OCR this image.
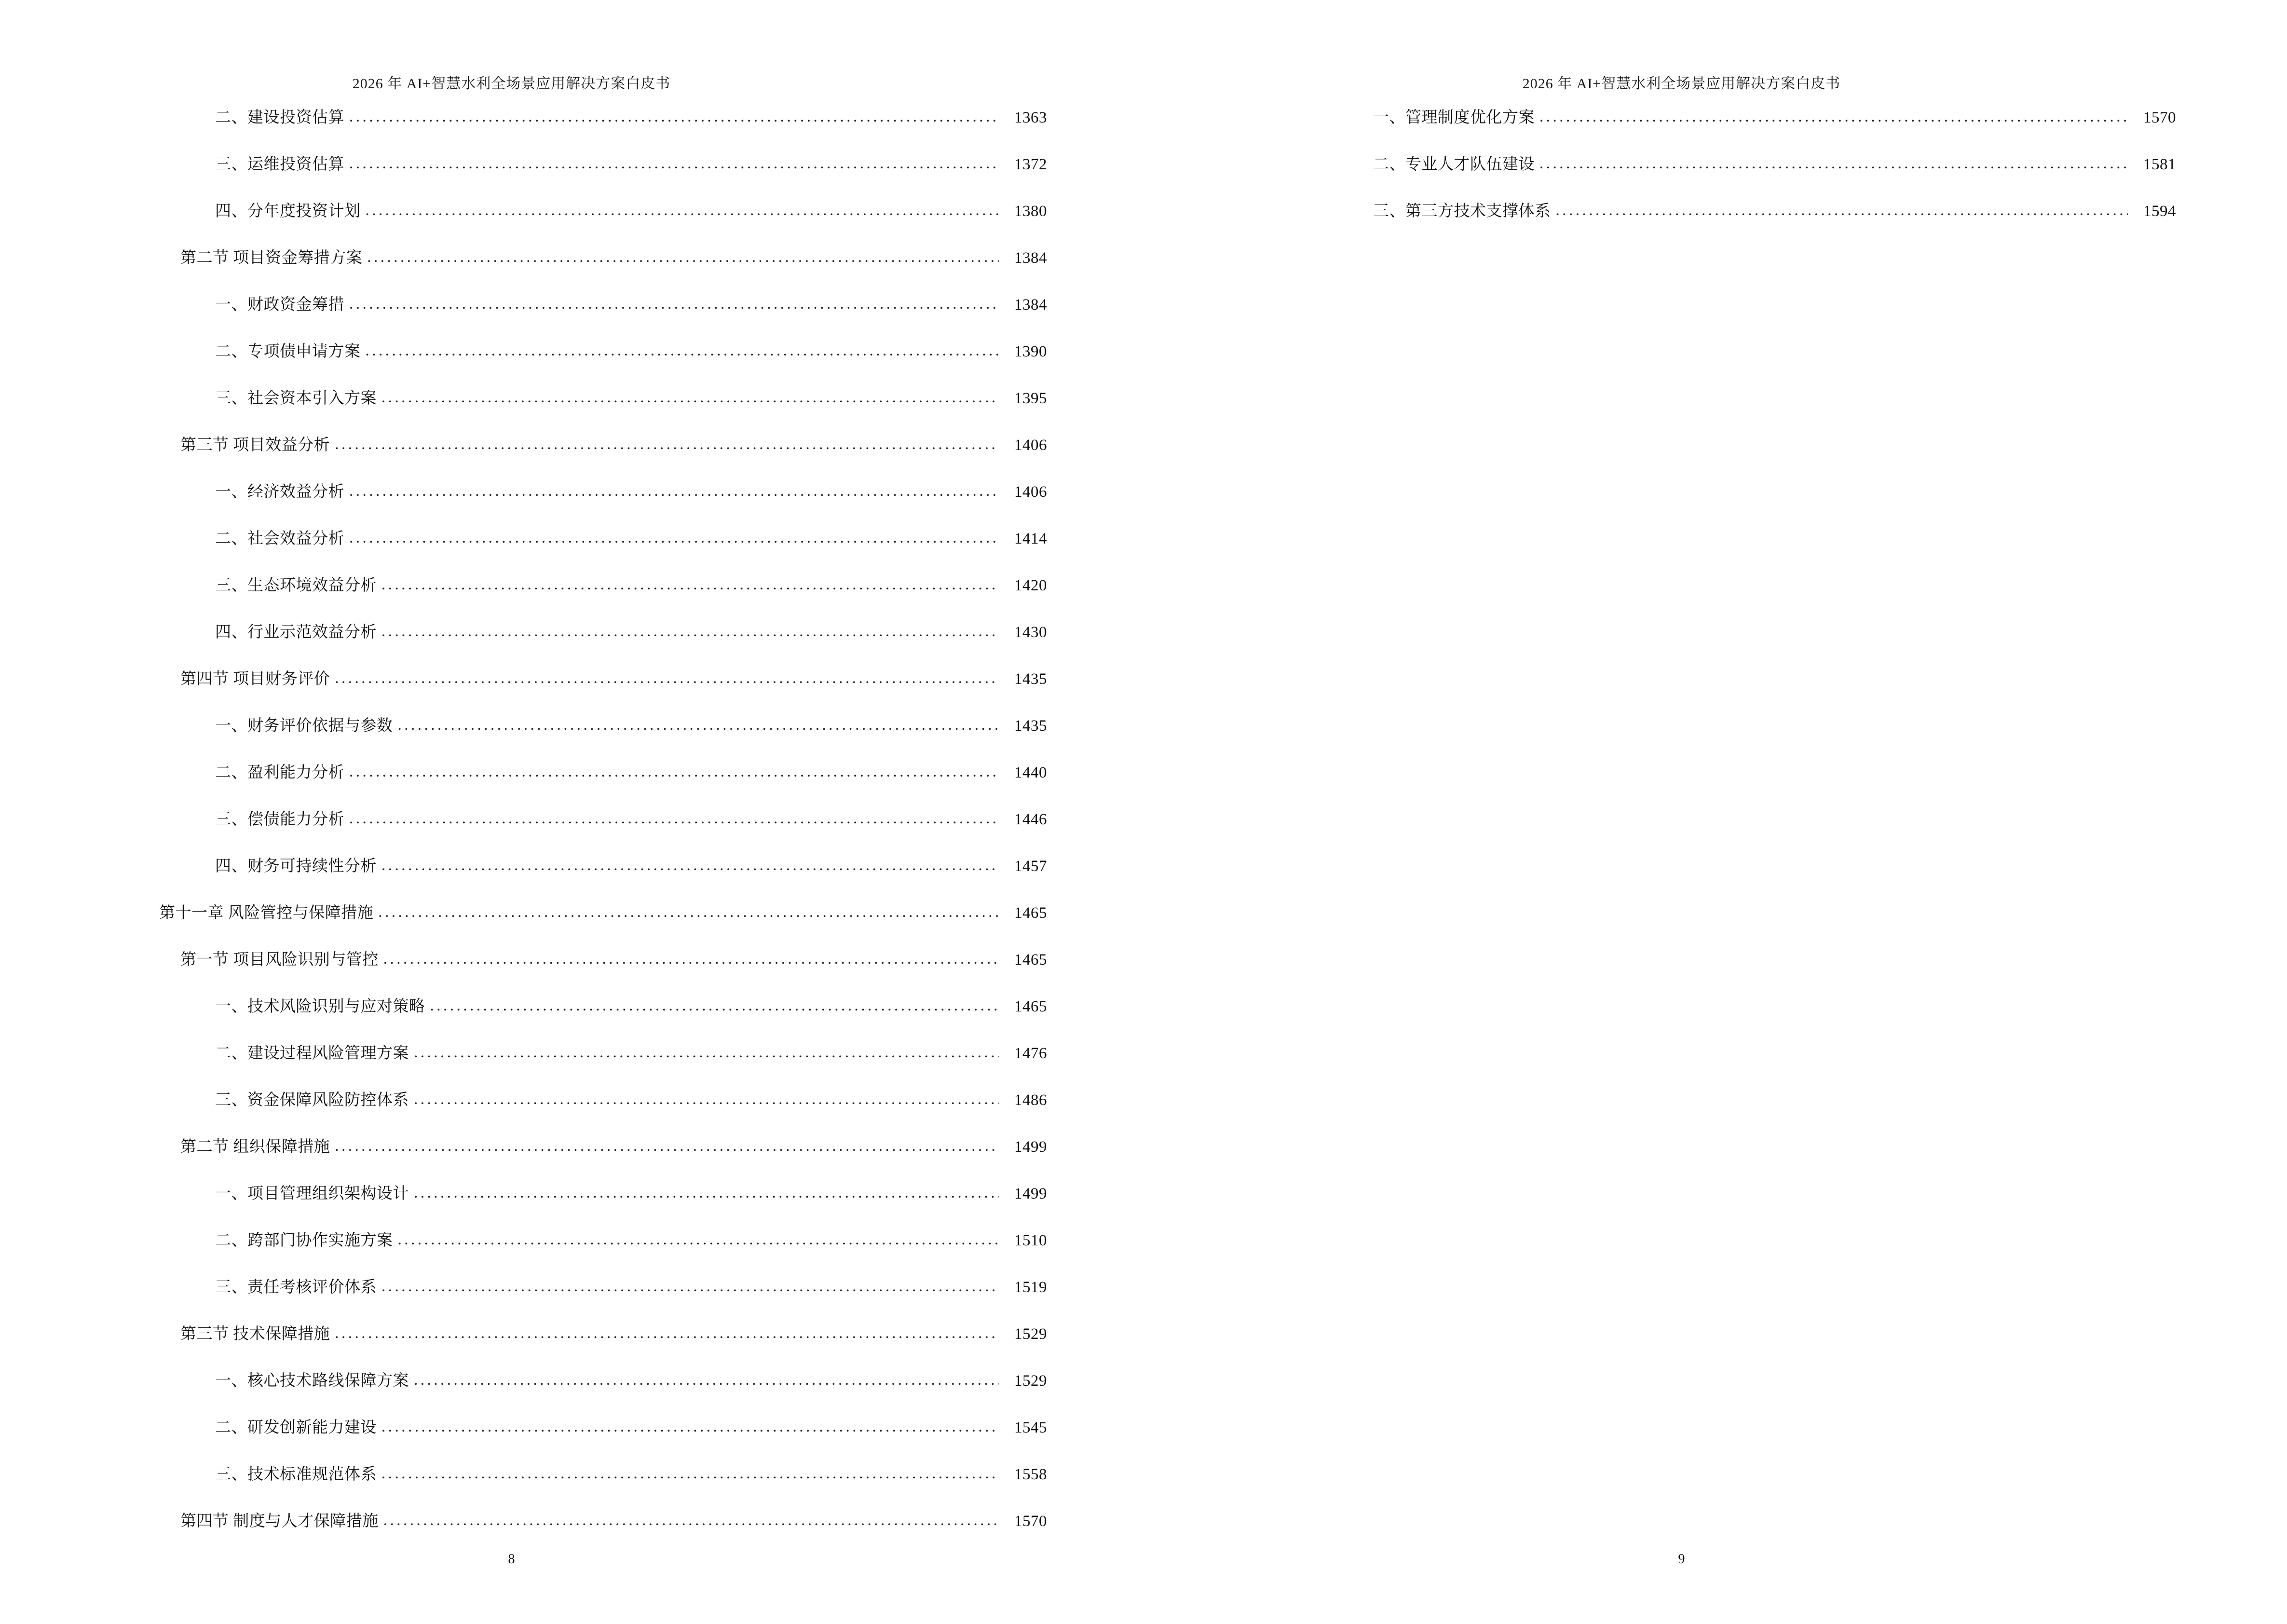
2026 年 AI+智慧水利全场景应用解决方案白皮书
二、建设投资估算 .....	1363
三、运维投资估算 .....	1372
四、分年度投资计划 .....	1380
第二节 项目资金筹措方案 .....	1384
一、财政资金筹措 .....	1384
二、专项债申请方案 .....	1390
三、社会资本引入方案 .....	1395
第三节 项目效益分析 .....	1406
一、经济效益分析 .....	1406
二、社会效益分析 .....	1414
三、生态环境效益分析 .....	1420
四、行业示范效益分析 .....	1430
第四节 项目财务评价 .....	1435
一、财务评价依据与参数 .....	1435
二、盈利能力分析 .....	1440
三、偿债能力分析 .....	1446
四、财务可持续性分析 .....	1457
第十一章 风险管控与保障措施 .....	1465
第一节 项目风险识别与管控 .....	1465
一、技术风险识别与应对策略 .....	1465
二、建设过程风险管理方案 .....	1476
三、资金保障风险防控体系 .....	1486
第二节 组织保障措施 .....	1499
一、项目管理组织架构设计 .....	1499
二、跨部门协作实施方案 .....	1510
三、责任考核评价体系 .....	1519
第三节 技术保障措施 .....	1529
一、核心技术路线保障方案 .....	1529
二、研发创新能力建设 .....	1545
三、技术标准规范体系 .....	1558
第四节 制度与人才保障措施 .....	1570
8
2026 年 AI+智慧水利全场景应用解决方案白皮书
一、管理制度优化方案 .....	1570
二、专业人才队伍建设 .....	1581
三、第三方技术支撑体系 .....	1594
9
